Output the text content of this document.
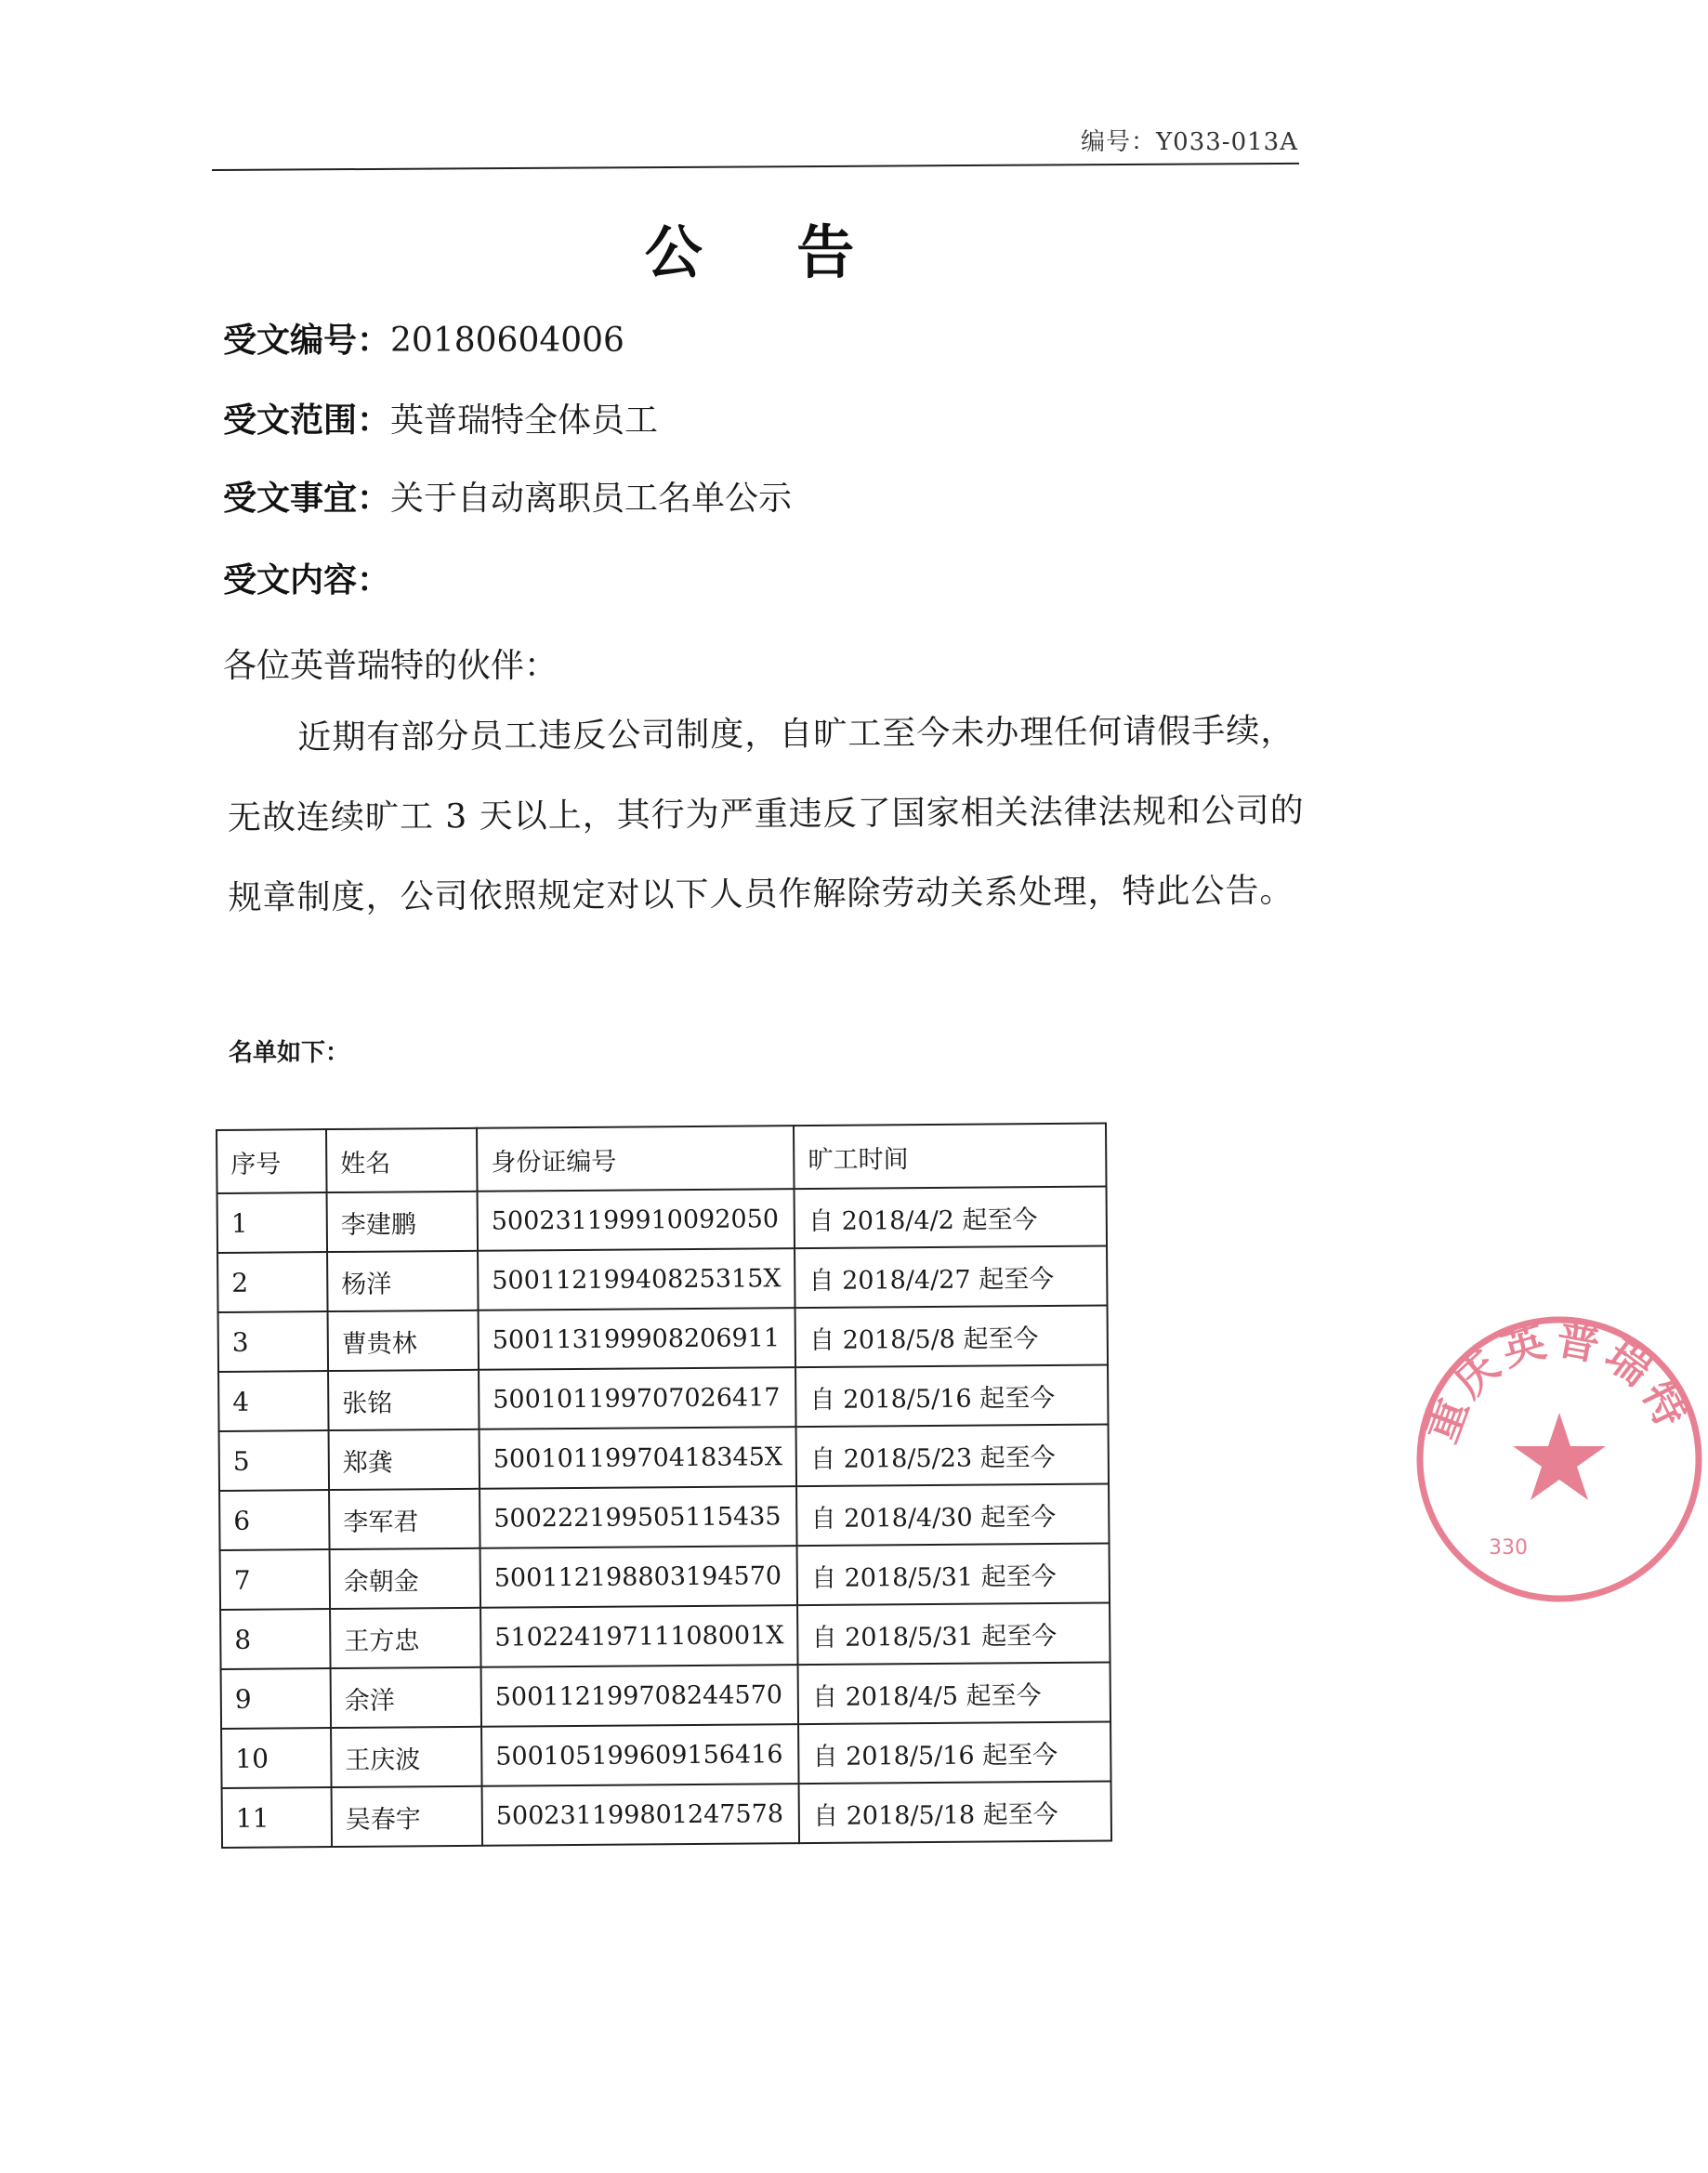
编号：Y033-013A
公 告
受文编号：20180604006
受文范围：英普瑞特全体员工
受文事宜：关于自动离职员工名单公示
受文内容：
各位英普瑞特的伙伴：
近期有部分员工违反公司制度，自旷工至今未办理任何请假手续，无故连续旷工 3 天以上，其行为严重违反了国家相关法律法规和公司的规章制度，公司依照规定对以下人员作解除劳动关系处理，特此公告。
名单如下：
序号	姓名	身份证编号	旷工时间
1	李建鹏	500231199910092050	自 2018/4/2 起至今
2	杨洋	50011219940825315X	自 2018/4/27 起至今
3	曹贵林	500113199908206911	自 2018/5/8 起至今
4	张铭	500101199707026417	自 2018/5/16 起至今
5	郑龚	50010119970418345X	自 2018/5/23 起至今
6	李军君	500222199505115435	自 2018/4/30 起至今
7	余朝金	500112198803194570	自 2018/5/31 起至今
8	王方忠	51022419711108001X	自 2018/5/31 起至今
9	余洋	500112199708244570	自 2018/4/5 起至今
10	王庆波	500105199609156416	自 2018/5/16 起至今
11	吴春宇	500231199801247578	自 2018/5/18 起至今
重庆英普瑞特
330
